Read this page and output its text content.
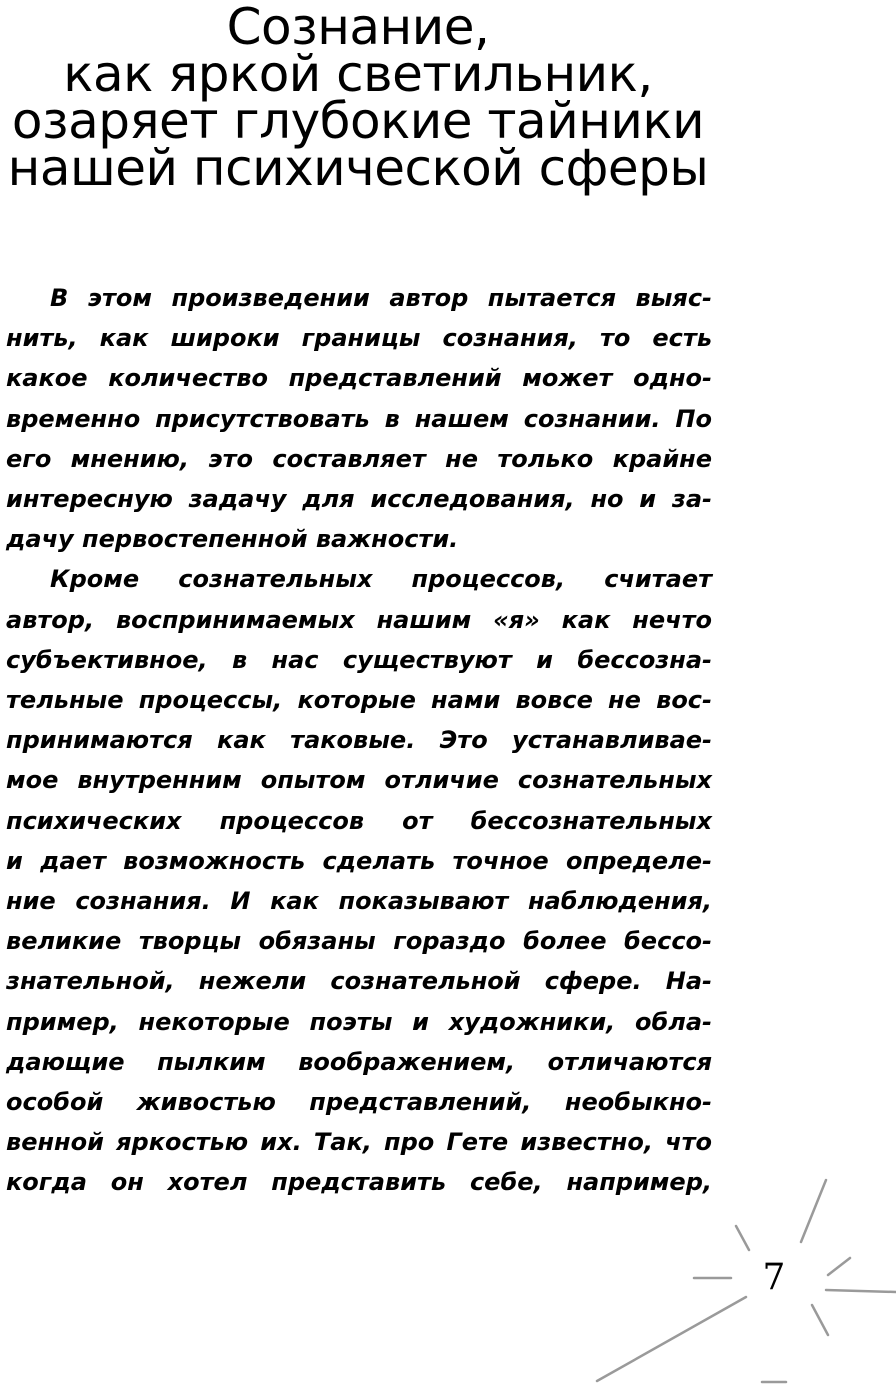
Сознание,
как яркой светильник,
озаряет глубокие тайники
нашей психической сферы
В этом произведении автор пытается выяс-
нить, как широки границы сознания, то есть
какое количество представлений может одно-
временно присутствовать в нашем сознании. По
его мнению, это составляет не только крайне
интересную задачу для исследования, но и за-
дачу первостепенной важности.
Кроме сознательных процессов, считает
автор, воспринимаемых нашим «я» как нечто
субъективное, в нас существуют и бессозна-
тельные процессы, которые нами вовсе не вос-
принимаются как таковые. Это устанавливае-
мое внутренним опытом отличие сознательных
психических процессов от бессознательных
и дает возможность сделать точное определе-
ние сознания. И как показывают наблюдения,
великие творцы обязаны гораздо более бессо-
знательной, нежели сознательной сфере. На-
пример, некоторые поэты и художники, обла-
дающие пылким воображением, отличаются
особой живостью представлений, необыкно-
венной яркостью их. Так, про Гете известно, что
когда он хотел представить себе, например,
7
